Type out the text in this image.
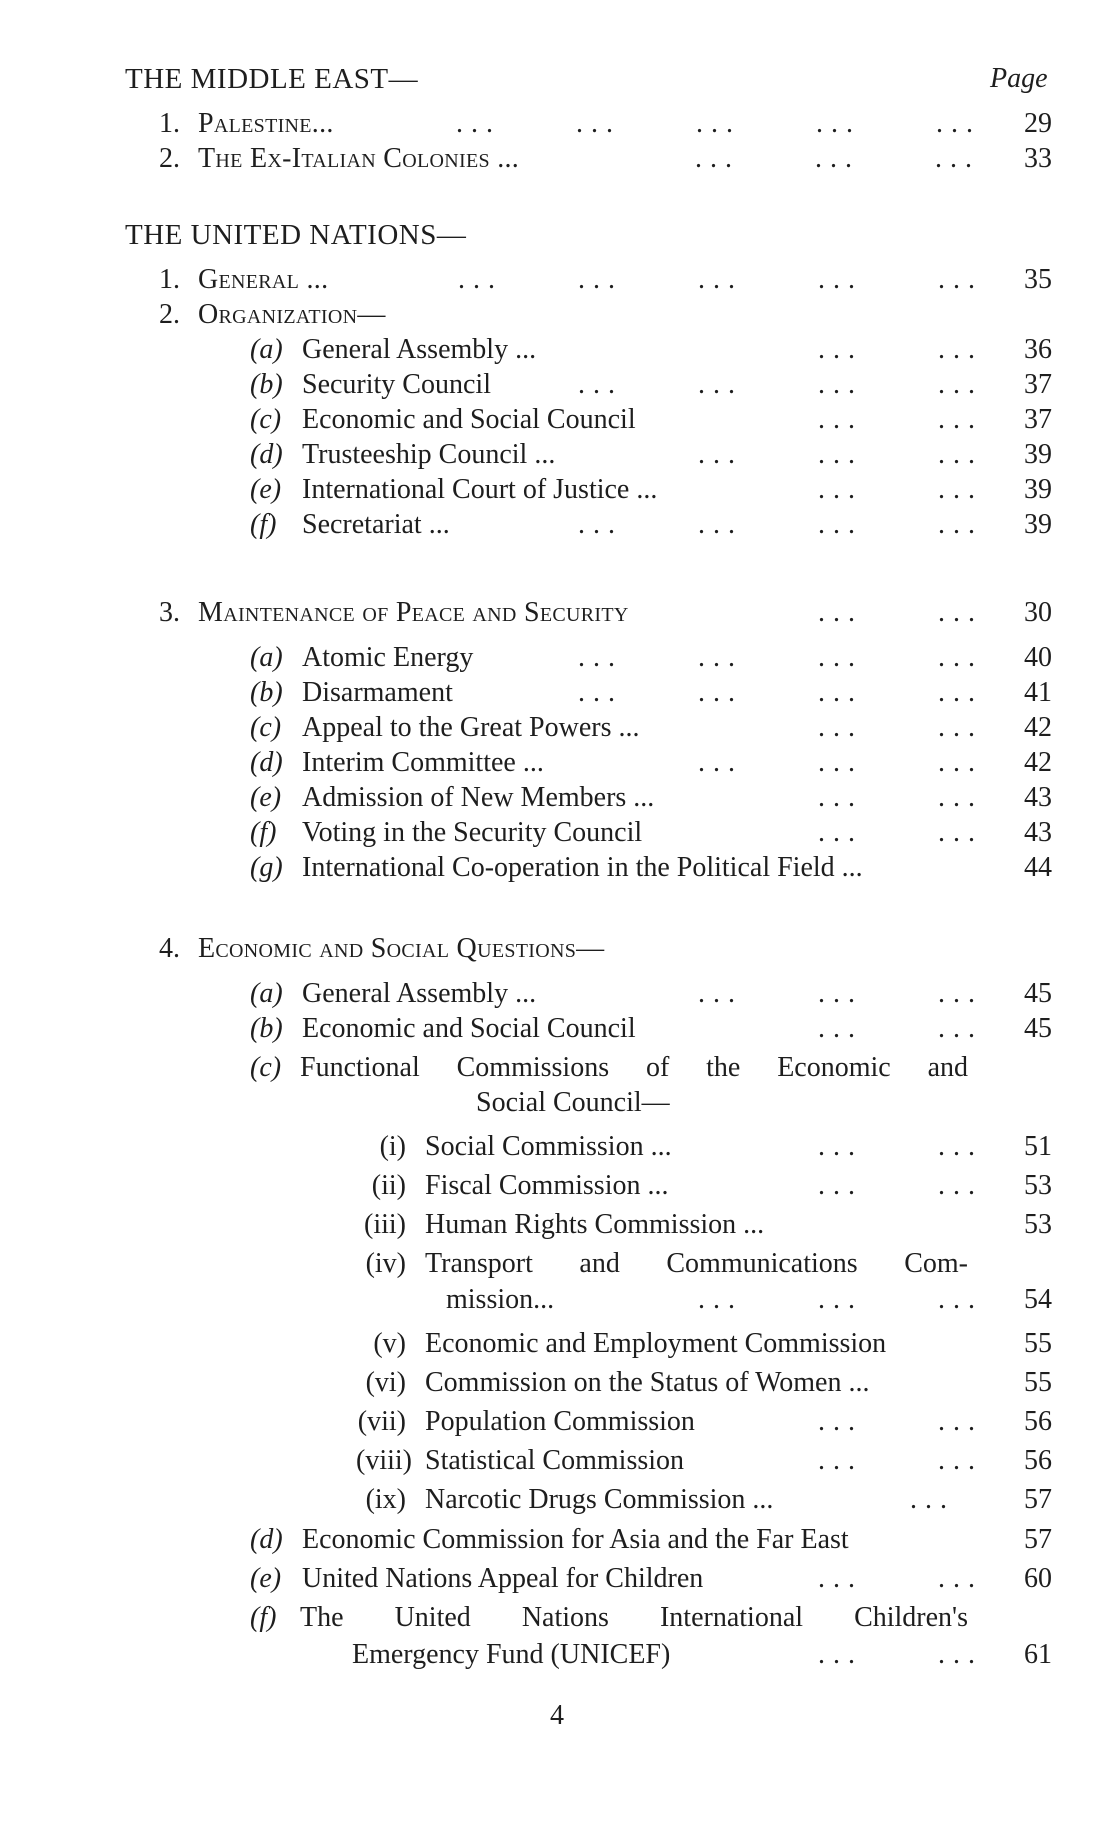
THE MIDDLE EAST—	Page
1. Palestine...	...     ...     ...     ...     ...	29
2. The Ex-Italian Colonies ...	...     ...     ...	33
THE UNITED NATIONS—
1. General ...	...     ...     ...     ...     ...	35
2. Organization—
(a) General Assembly ...	...     ...	36
(b) Security Council	...     ...     ...     ...	37
(c) Economic and Social Council	...     ...	37
(d) Trusteeship Council ...	...     ...     ...	39
(e) International Court of Justice ...	...     ...	39
(f) Secretariat ...	...     ...     ...     ...	39
3. Maintenance of Peace and Security	...     ...	30
(a) Atomic Energy	...     ...     ...     ...	40
(b) Disarmament	...     ...     ...     ...	41
(c) Appeal to the Great Powers ...	...     ...	42
(d) Interim Committee ...	...     ...     ...	42
(e) Admission of New Members ...	...     ...	43
(f) Voting in the Security Council	...     ...	43
(g) International Co-operation in the Political Field ...	44
4. Economic and Social Questions—
(a) General Assembly ...	...     ...     ...	45
(b) Economic and Social Council	...     ...	45
(c) Functional Commissions of the Economic and
Social Council—
(i) Social Commission ...	...     ...	51
(ii) Fiscal Commission ...	...     ...	53
(iii) Human Rights Commission ...	53
(iv) Transport and Communications Com-
mission...	...     ...     ...	54
(v) Economic and Employment Commission	55
(vi) Commission on the Status of Women ...	55
(vii) Population Commission	...     ...	56
(viii) Statistical Commission	...     ...	56
(ix) Narcotic Drugs Commission ...	...	57
(d) Economic Commission for Asia and the Far East	57
(e) United Nations Appeal for Children	...     ...	60
(f) The United Nations International Children's
Emergency Fund (UNICEF)	...     ...	61
4
